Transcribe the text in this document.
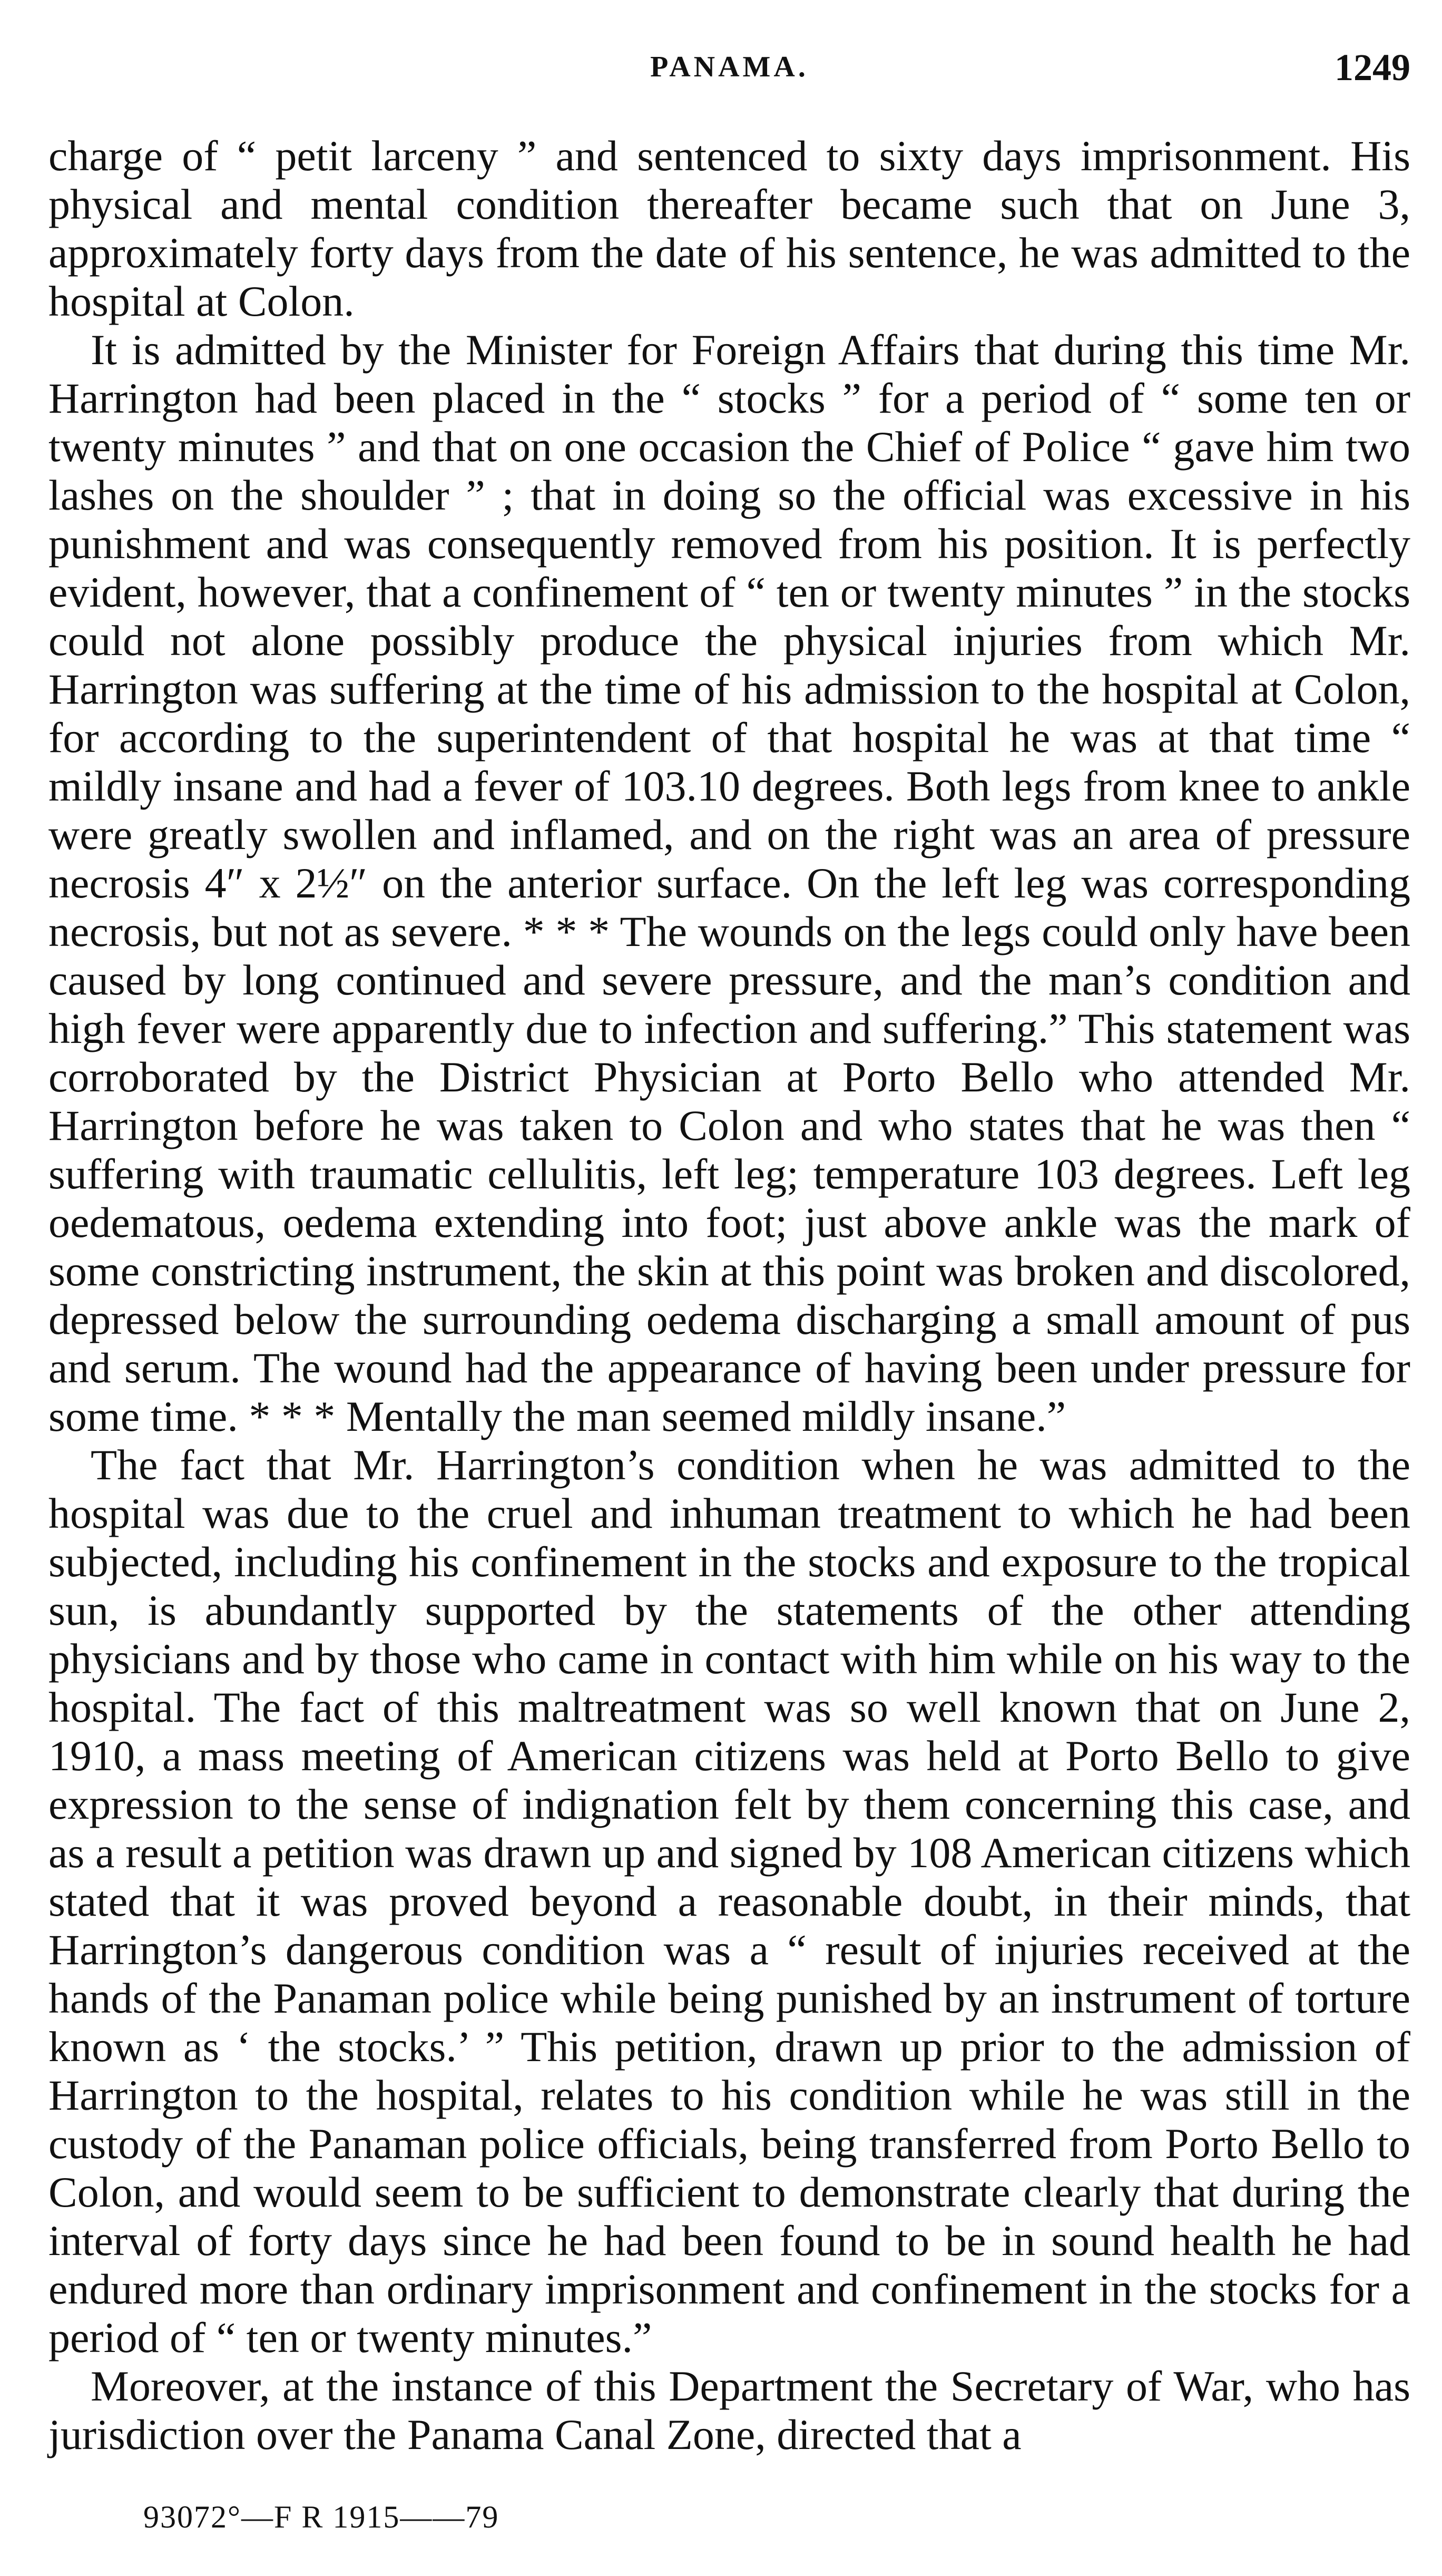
PANAMA.	1249

charge of “ petit larceny ” and sentenced to sixty days imprisonment. His physical and mental condition thereafter became such that on June 3, approximately forty days from the date of his sentence, he was admitted to the hospital at Colon.

It is admitted by the Minister for Foreign Affairs that during this time Mr. Harrington had been placed in the “ stocks ” for a period of “ some ten or twenty minutes ” and that on one occasion the Chief of Police “ gave him two lashes on the shoulder ” ; that in doing so the official was excessive in his punishment and was consequently removed from his position. It is perfectly evident, however, that a confinement of “ ten or twenty minutes ” in the stocks could not alone possibly produce the physical injuries from which Mr. Harrington was suffering at the time of his admission to the hospital at Colon, for according to the superintendent of that hospital he was at that time “ mildly insane and had a fever of 103.10 degrees. Both legs from knee to ankle were greatly swollen and inflamed, and on the right was an area of pressure necrosis 4″ x 2½″ on the anterior surface. On the left leg was corresponding necrosis, but not as severe. * * * The wounds on the legs could only have been caused by long continued and severe pressure, and the man’s condition and high fever were apparently due to infection and suffering.” This statement was corroborated by the District Physician at Porto Bello who attended Mr. Harrington before he was taken to Colon and who states that he was then “ suffering with traumatic cellulitis, left leg; temperature 103 degrees. Left leg oedematous, oedema extending into foot; just above ankle was the mark of some constricting instrument, the skin at this point was broken and discolored, depressed below the surrounding oedema discharging a small amount of pus and serum. The wound had the appearance of having been under pressure for some time. * * * Mentally the man seemed mildly insane.”

The fact that Mr. Harrington’s condition when he was admitted to the hospital was due to the cruel and inhuman treatment to which he had been subjected, including his confinement in the stocks and exposure to the tropical sun, is abundantly supported by the statements of the other attending physicians and by those who came in contact with him while on his way to the hospital. The fact of this maltreatment was so well known that on June 2, 1910, a mass meeting of American citizens was held at Porto Bello to give expression to the sense of indignation felt by them concerning this case, and as a result a petition was drawn up and signed by 108 American citizens which stated that it was proved beyond a reasonable doubt, in their minds, that Harrington’s dangerous condition was a “ result of injuries received at the hands of the Panaman police while being punished by an instrument of torture known as ‘ the stocks.’ ” This petition, drawn up prior to the admission of Harrington to the hospital, relates to his condition while he was still in the custody of the Panaman police officials, being transferred from Porto Bello to Colon, and would seem to be sufficient to demonstrate clearly that during the interval of forty days since he had been found to be in sound health he had endured more than ordinary imprisonment and confinement in the stocks for a period of “ ten or twenty minutes.”

Moreover, at the instance of this Department the Secretary of War, who has jurisdiction over the Panama Canal Zone, directed that a

93072°—F R 1915——79
